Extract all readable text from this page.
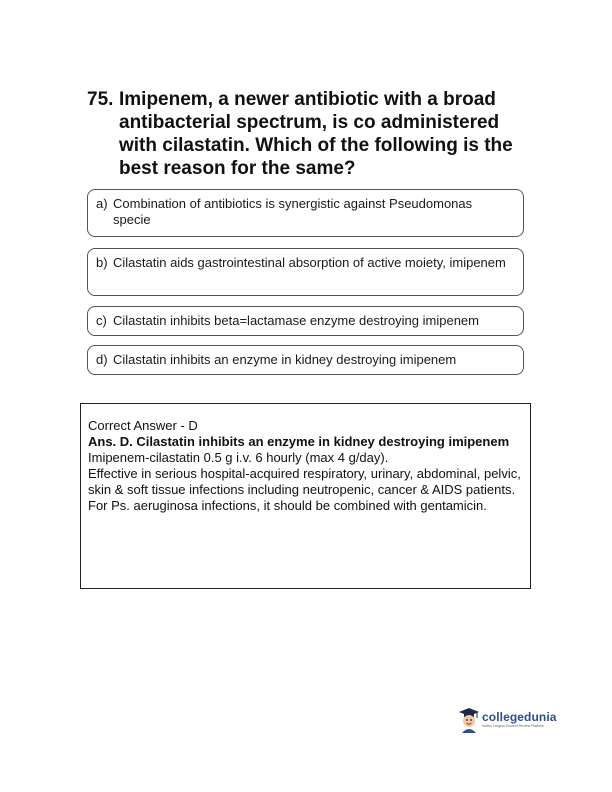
75. Imipenem, a newer antibiotic with a broad antibacterial spectrum, is co administered with cilastatin. Which of the following is the best reason for the same?
a) Combination of antibiotics is synergistic against Pseudomonas specie
b) Cilastatin aids gastrointestinal absorption of active moiety, imipenem
c) Cilastatin inhibits beta=lactamase enzyme destroying imipenem
d) Cilastatin inhibits an enzyme in kidney destroying imipenem
Correct Answer - D
Ans. D. Cilastatin inhibits an enzyme in kidney destroying imipenem
Imipenem-cilastatin 0.5 g i.v. 6 hourly (max 4 g/day).
Effective in serious hospital-acquired respiratory, urinary, abdominal, pelvic, skin & soft tissue infections including neutropenic, cancer & AIDS patients.
For Ps. aeruginosa infections, it should be combined with gentamicin.
collegedunia
India's Largest Student Review Platform
